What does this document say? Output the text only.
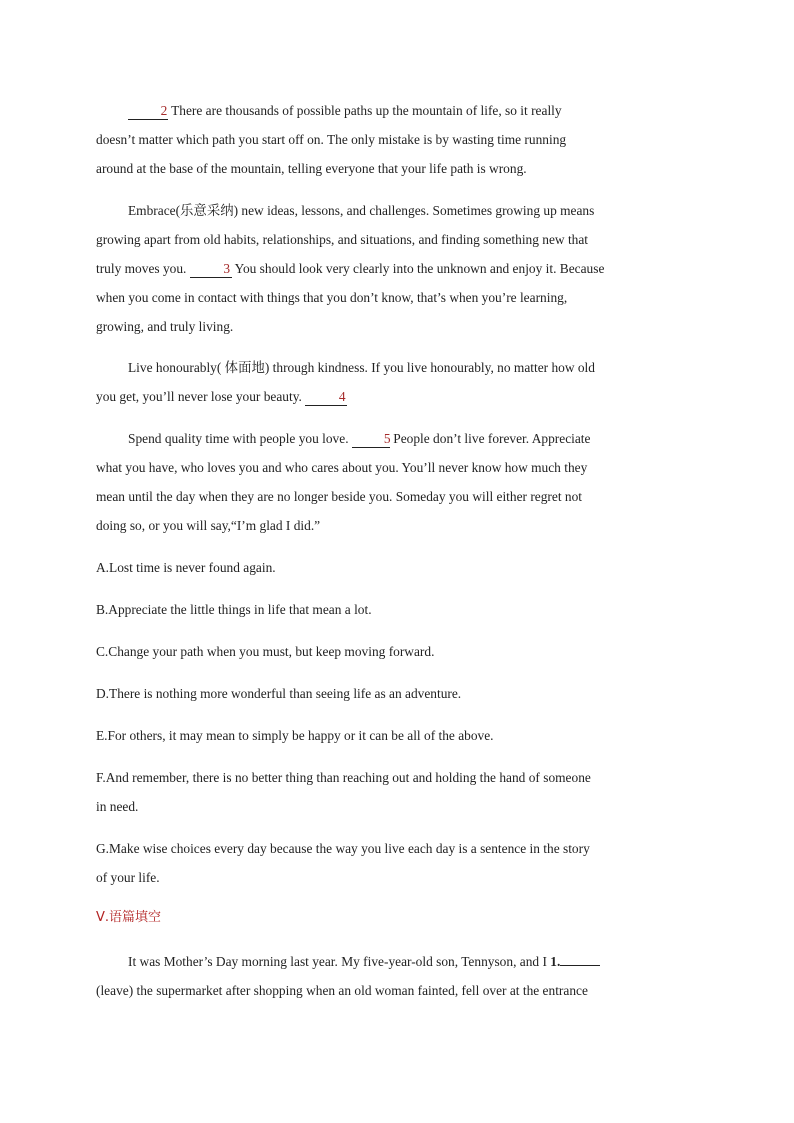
2 There are thousands of possible paths up the mountain of life, so it really
doesn’t matter which path you start off on. The only mistake is by wasting time running
around at the base of the mountain, telling everyone that your life path is wrong.

Embrace(乐意采纳) new ideas, lessons, and challenges. Sometimes growing up means
growing apart from old habits, relationships, and situations, and finding something new that
truly moves you.	3 You should look very clearly into the unknown and enjoy it. Because
when you come in contact with things that you don’t know, that’s when you’re learning,
growing, and truly living.

Live honourably( 体面地) through kindness. If you live honourably, no matter how old
you get, you’ll never lose your beauty.	4

Spend quality time with people you love.	5 People don’t live forever. Appreciate
what you have, who loves you and who cares about you. You’ll never know how much they
mean until the day when they are no longer beside you. Someday you will either regret not
doing so, or you will say,“I’m glad I did.”

A.Lost time is never found again.

B.Appreciate the little things in life that mean a lot.

C.Change your path when you must, but keep moving forward.

D.There is nothing more wonderful than seeing life as an adventure.

E.For others, it may mean to simply be happy or it can be all of the above.

F.And remember, there is no better thing than reaching out and holding the hand of someone
in need.

G.Make wise choices every day because the way you live each day is a sentence in the story
of your life.

Ⅴ.语篇填空

It was Mother’s Day morning last year. My five-year-old son, Tennyson, and I 1.
(leave) the supermarket after shopping when an old woman fainted, fell over at the entrance
